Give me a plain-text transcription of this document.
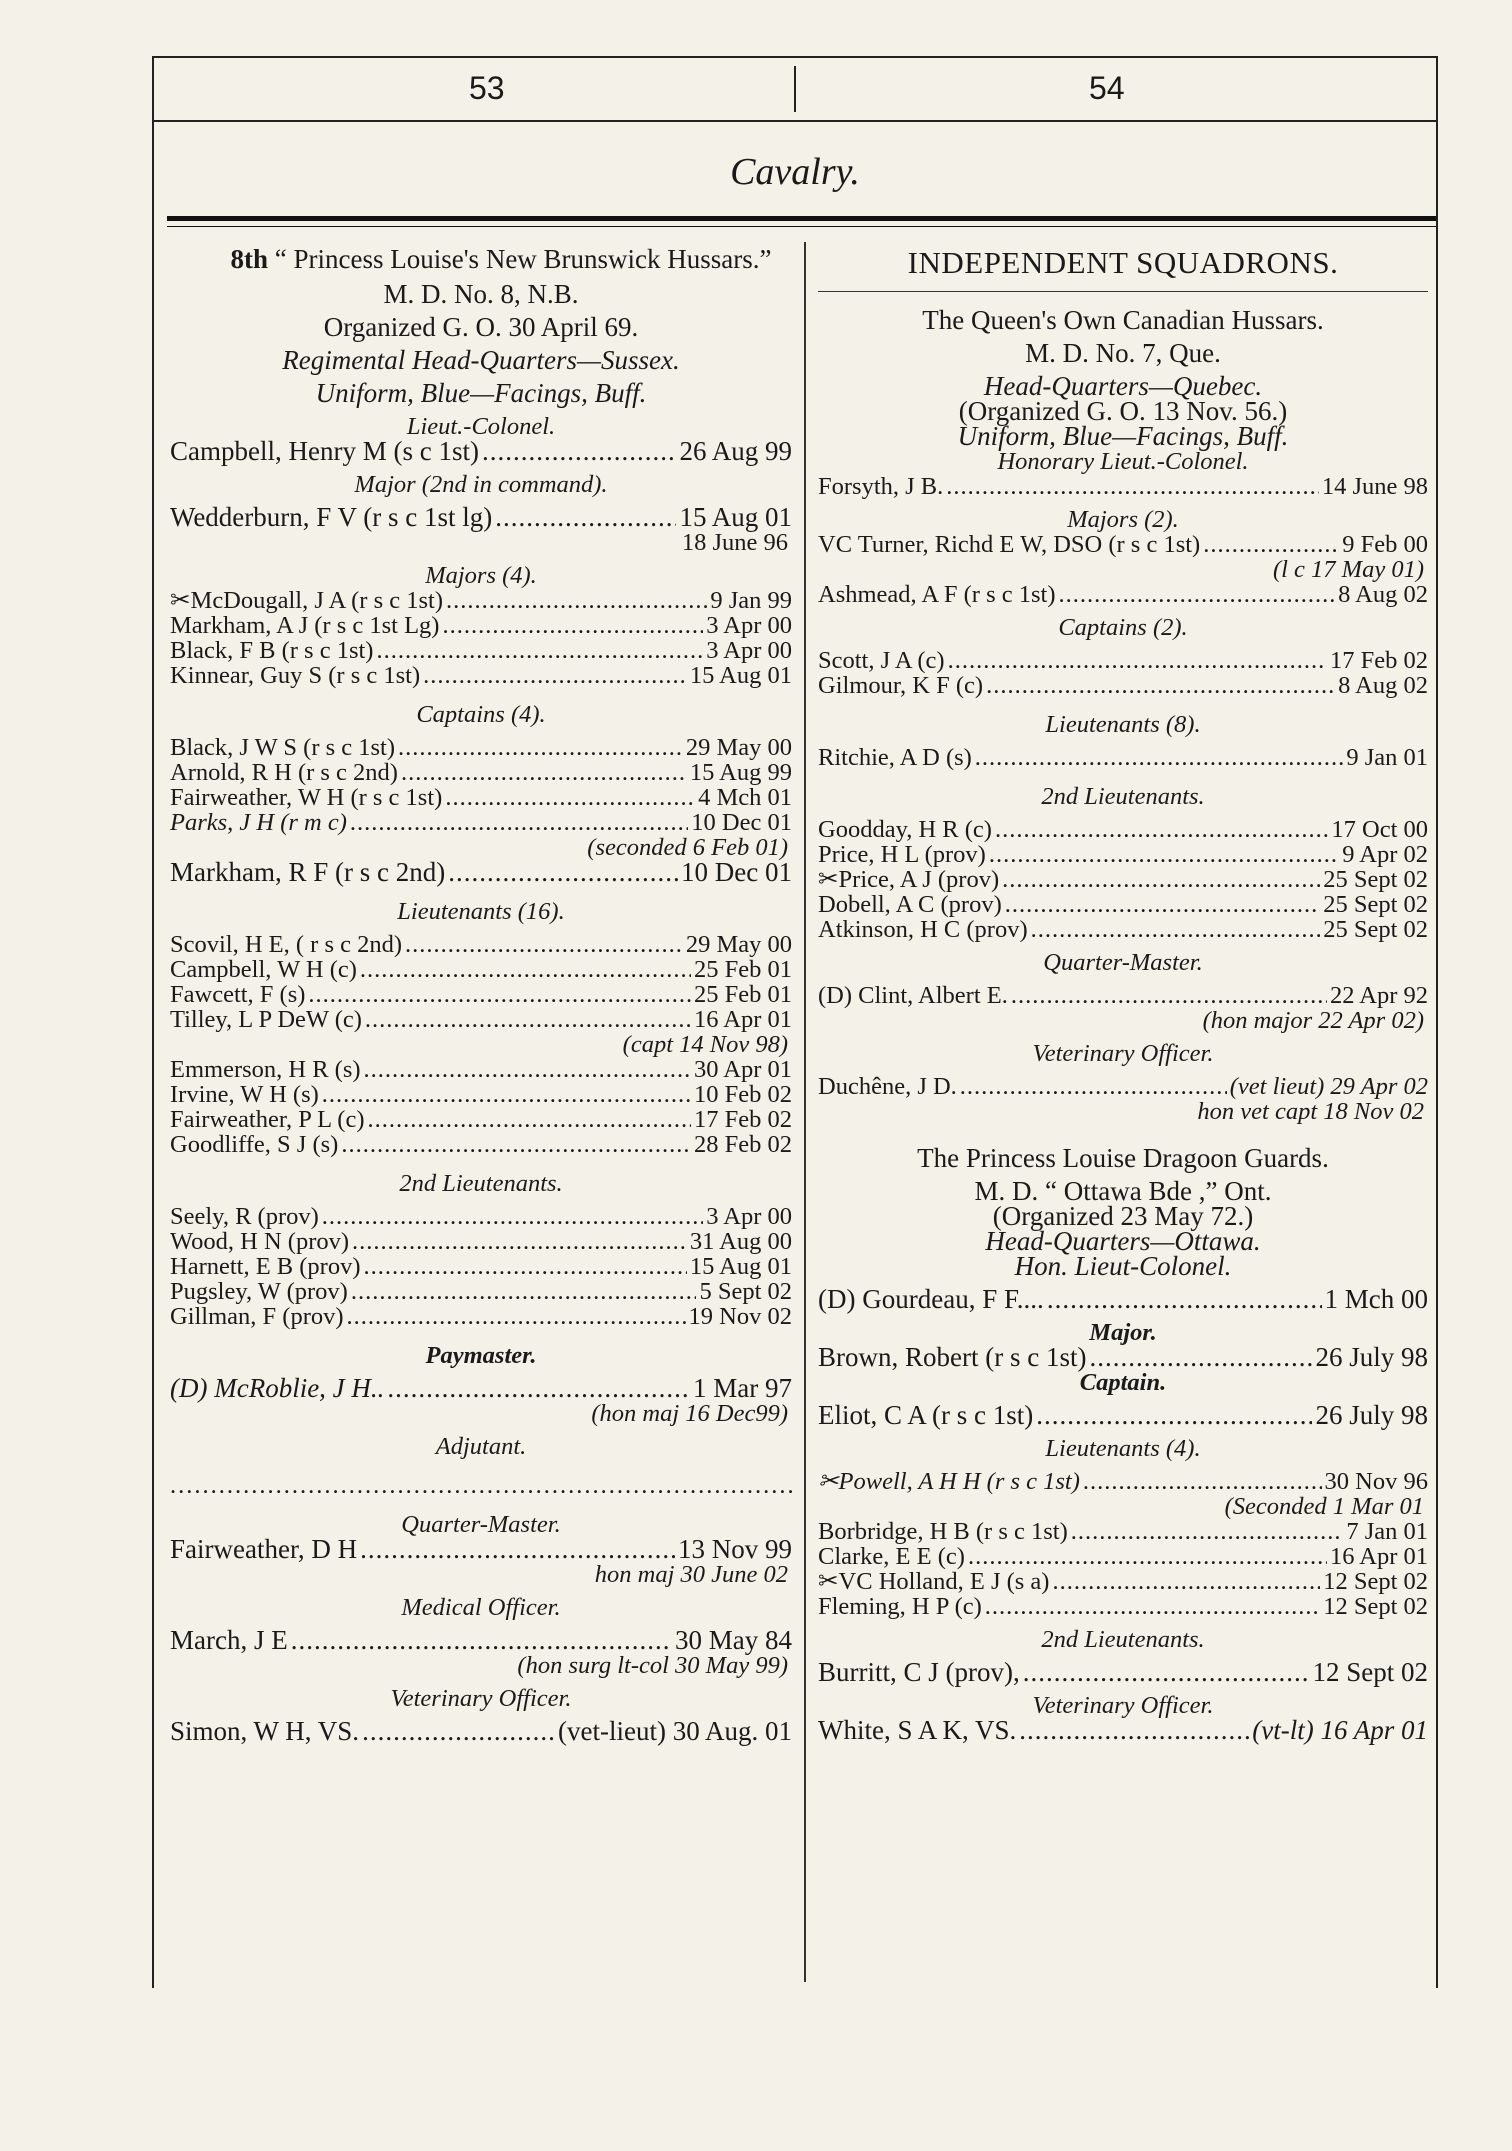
53	54
Cavalry.
8th “ Princess Louise's New Brunswick Hussars.”
M. D. No. 8, N.B.
Organized G. O. 30 April 69.
Regimental Head-Quarters—Sussex.
Uniform, Blue—Facings, Buff.
Lieut.-Colonel.
Campbell, Henry M (s c 1st) .....	26 Aug 99
Major (2nd in command).
Wedderburn, F V (r s c 1st lg) .....	15 Aug 01
18 June 96
Majors (4).
✂McDougall, J A (r s c 1st) .....	9 Jan 99
Markham, A J (r s c 1st Lg) .....	3 Apr 00
Black, F B (r s c 1st) .....	3 Apr 00
Kinnear, Guy S (r s c 1st) .....	15 Aug 01
Captains (4).
Black, J W S (r s c 1st) .....	29 May 00
Arnold, R H (r s c 2nd) .....	15 Aug 99
Fairweather, W H (r s c 1st) .....	4 Mch 01
Parks, J H (r m c) .....	10 Dec 01
(seconded 6 Feb 01)
Markham, R F (r s c 2nd) .....	10 Dec 01
Lieutenants (16).
Scovil, H E, ( r s c 2nd) .....	29 May 00
Campbell, W H (c) .....	25 Feb 01
Fawcett, F (s) .....	25 Feb 01
Tilley, L P DeW (c) .....	16 Apr 01
(capt 14 Nov 98)
Emmerson, H R (s) .....	30 Apr 01
Irvine, W H (s) .....	10 Feb 02
Fairweather, P L (c) .....	17 Feb 02
Goodliffe, S J (s) .....	28 Feb 02
2nd Lieutenants.
Seely, R (prov) .....	3 Apr 00
Wood, H N (prov) .....	31 Aug 00
Harnett, E B (prov) .....	15 Aug 01
Pugsley, W (prov) .....	5 Sept 02
Gillman, F (prov) .....	19 Nov 02
Paymaster.
(D) McRoblie, J H.. .....	1 Mar 97
(hon maj 16 Dec99)
Adjutant.
.....
Quarter-Master.
Fairweather, D H .....	13 Nov 99
hon maj 30 June 02
Medical Officer.
March, J E .....	30 May 84
(hon surg lt-col 30 May 99)
Veterinary Officer.
Simon, W H, VS. .....	(vet-lieut) 30 Aug. 01
INDEPENDENT SQUADRONS.
The Queen's Own Canadian Hussars.
M. D. No. 7, Que.
Head-Quarters—Quebec.
(Organized G. O. 13 Nov. 56.)
Uniform, Blue—Facings, Buff.
Honorary Lieut.-Colonel.
Forsyth, J B. .....	14 June 98
Majors (2).
VC Turner, Richd E W, DSO (r s c 1st) .....	9 Feb 00
(l c 17 May 01)
Ashmead, A F (r s c 1st) .....	8 Aug 02
Captains (2).
Scott, J A (c) .....	17 Feb 02
Gilmour, K F (c) .....	8 Aug 02
Lieutenants (8).
Ritchie, A D (s) .....	9 Jan 01
2nd Lieutenants.
Goodday, H R (c) .....	17 Oct 00
Price, H L (prov) .....	9 Apr 02
✂Price, A J (prov) .....	25 Sept 02
Dobell, A C (prov) .....	25 Sept 02
Atkinson, H C (prov) .....	25 Sept 02
Quarter-Master.
(D) Clint, Albert E. .....	22 Apr 92
(hon major 22 Apr 02)
Veterinary Officer.
Duchêne, J D. .....	(vet lieut) 29 Apr 02
hon vet capt 18 Nov 02
The Princess Louise Dragoon Guards.
M. D. “ Ottawa Bde ,” Ont.
(Organized 23 May 72.)
Head-Quarters—Ottawa.
Hon. Lieut-Colonel.
(D) Gourdeau, F F.... .....	1 Mch 00
Major.
Brown, Robert (r s c 1st) .....	26 July 98
Captain.
Eliot, C A (r s c 1st) .....	26 July 98
Lieutenants (4).
✂Powell, A H H (r s c 1st) .....	30 Nov 96
(Seconded 1 Mar 01
Borbridge, H B (r s c 1st) .....	7 Jan 01
Clarke, E E (c) .....	16 Apr 01
✂VC Holland, E J (s a) .....	12 Sept 02
Fleming, H P (c) .....	12 Sept 02
2nd Lieutenants.
Burritt, C J (prov), .....	12 Sept 02
Veterinary Officer.
White, S A K, VS. .....	(vt-lt) 16 Apr 01
